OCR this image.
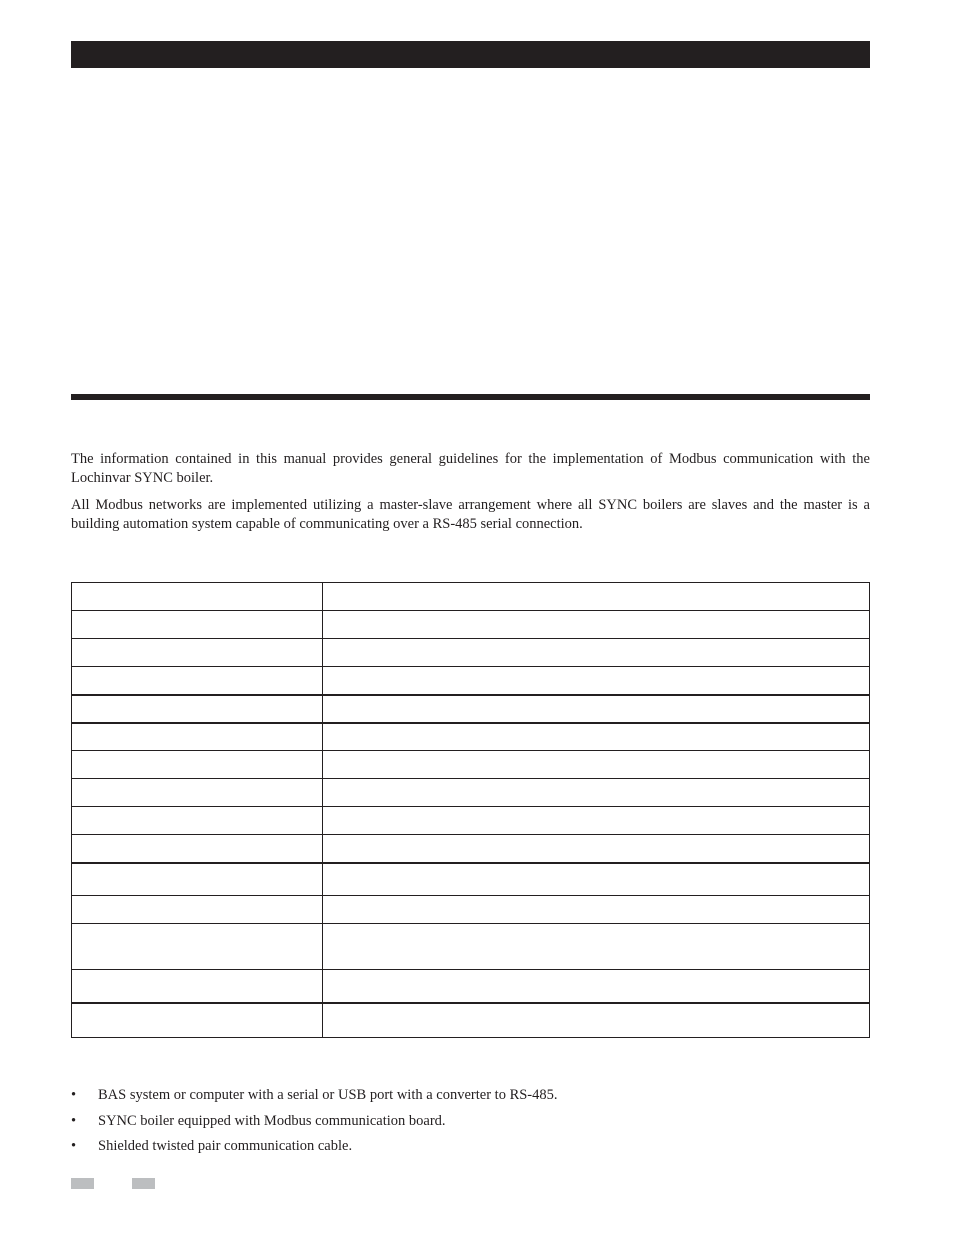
The information contained in this manual provides general guidelines for the implementation of Modbus communication with the Lochinvar SYNC boiler.

All Modbus networks are implemented utilizing a master-slave arrangement where all SYNC boilers are slaves and the master is a building automation system capable of communicating over a RS-485 serial connection.

•	BAS system or computer with a serial or USB port with a converter to RS-485.
•	SYNC boiler equipped with Modbus communication board.
•	Shielded twisted pair communication cable.
